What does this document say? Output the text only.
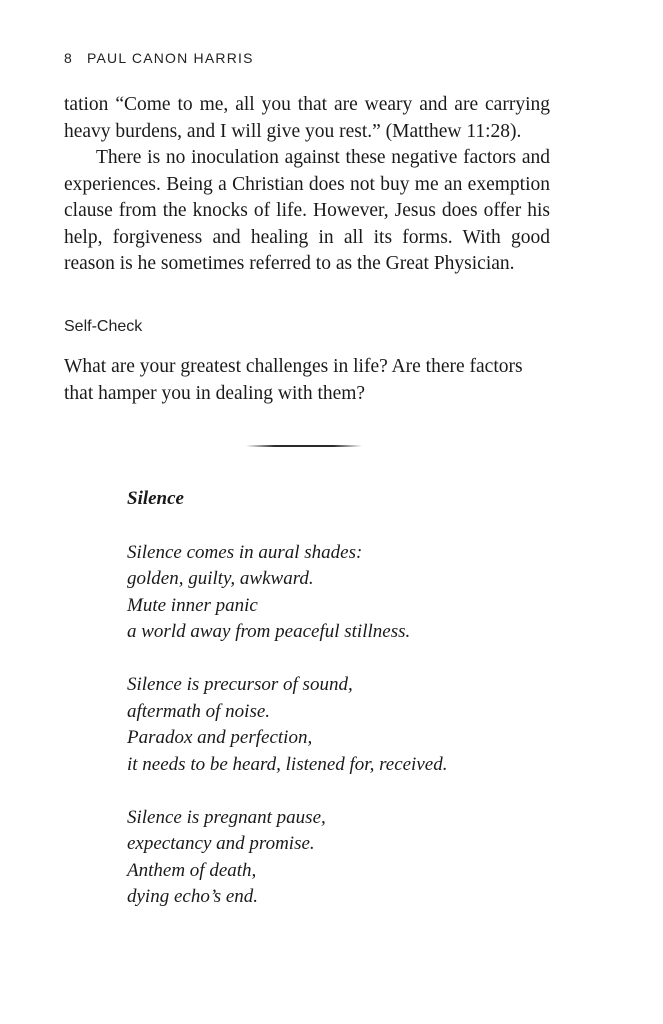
8 PAUL CANON HARRIS

tation “Come to me, all you that are weary and are carrying heavy burdens, and I will give you rest.” (Matthew 11:28).

There is no inoculation against these negative factors and experiences. Being a Christian does not buy me an exemption clause from the knocks of life. However, Jesus does offer his help, forgiveness and healing in all its forms. With good reason is he sometimes referred to as the Great Physician.

Self-Check

What are your greatest challenges in life? Are there factors that hamper you in dealing with them?

Silence
Silence comes in aural shades:
golden, guilty, awkward.
Mute inner panic
a world away from peaceful stillness.
Silence is precursor of sound,
aftermath of noise.
Paradox and perfection,
it needs to be heard, listened for, received.
Silence is pregnant pause,
expectancy and promise.
Anthem of death,
dying echo’s end.
